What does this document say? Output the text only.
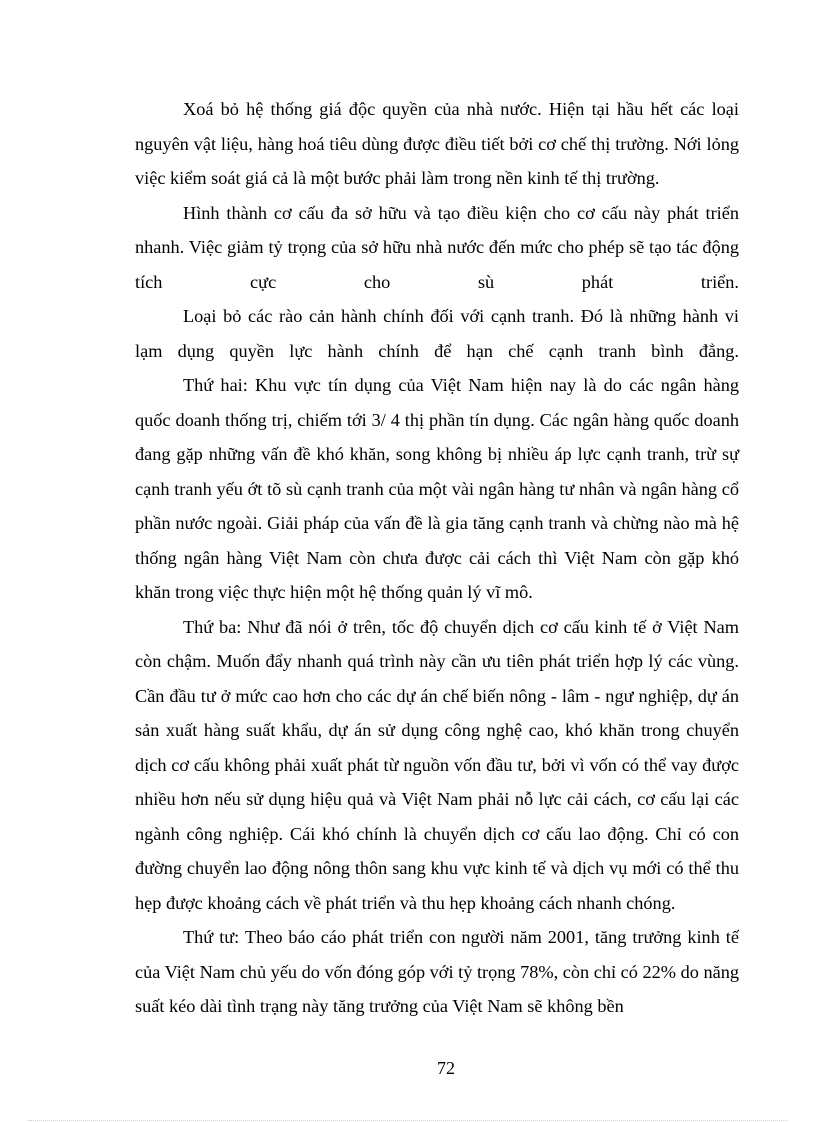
Xoá bỏ hệ thống giá độc quyền của nhà nước. Hiện tại hầu hết các loại nguyên vật liệu, hàng hoá tiêu dùng được điều tiết bởi cơ chế thị trường. Nới lỏng việc kiểm soát giá cả là một bước phải làm trong nền kinh tế thị trường.

Hình thành cơ cấu đa sở hữu và tạo điều kiện cho cơ cấu này phát triển nhanh. Việc giảm tỷ trọng của sở hữu nhà nước đến mức cho phép sẽ tạo tác động tích cực cho sù phát triển.

Loại bỏ các rào cản hành chính đối với cạnh tranh. Đó là những hành vi lạm dụng quyền lực hành chính để hạn chế cạnh tranh bình đẳng.

Thứ hai: Khu vực tín dụng của Việt Nam hiện nay là do các ngân hàng quốc doanh thống trị, chiếm tới 3/ 4 thị phần tín dụng. Các ngân hàng quốc doanh đang gặp những vấn đề khó khăn, song không bị nhiều áp lực cạnh tranh, trừ sự cạnh tranh yếu ớt tõ sù cạnh tranh của một vài ngân hàng tư nhân và ngân hàng cổ phần nước ngoài. Giải pháp của vấn đề là gia tăng cạnh tranh và chừng nào mà hệ thống ngân hàng Việt Nam còn chưa được cải cách thì Việt Nam còn gặp khó khăn trong việc thực hiện một hệ thống quản lý vĩ mô.

Thứ ba: Như đã nói ở trên, tốc độ chuyển dịch cơ cấu kinh tế ở Việt Nam còn chậm. Muốn đẩy nhanh quá trình này cần ưu tiên phát triển hợp lý các vùng. Cần đầu tư ở mức cao hơn cho các dự án chế biến nông - lâm - ngư nghiệp, dự án sản xuất hàng suất khẩu, dự án sử dụng công nghệ cao, khó khăn trong chuyển dịch cơ cấu không phải xuất phát từ nguồn vốn đầu tư, bởi vì vốn có thể vay được nhiều hơn nếu sử dụng hiệu quả và Việt Nam phải nỗ lực cải cách, cơ cấu lại các ngành công nghiệp. Cái khó chính là chuyển dịch cơ cấu lao động. Chỉ có con đường chuyển lao động nông thôn sang khu vực kinh tế và dịch vụ mới có thể thu hẹp được khoảng cách về phát triển và thu hẹp khoảng cách nhanh chóng.

Thứ tư: Theo báo cáo phát triển con người năm 2001, tăng trưởng kinh tế của Việt Nam chủ yếu do vốn đóng góp với tỷ trọng 78%, còn chỉ có 22% do năng suất kéo dài tình trạng này tăng trưởng của Việt Nam sẽ không bền

72
